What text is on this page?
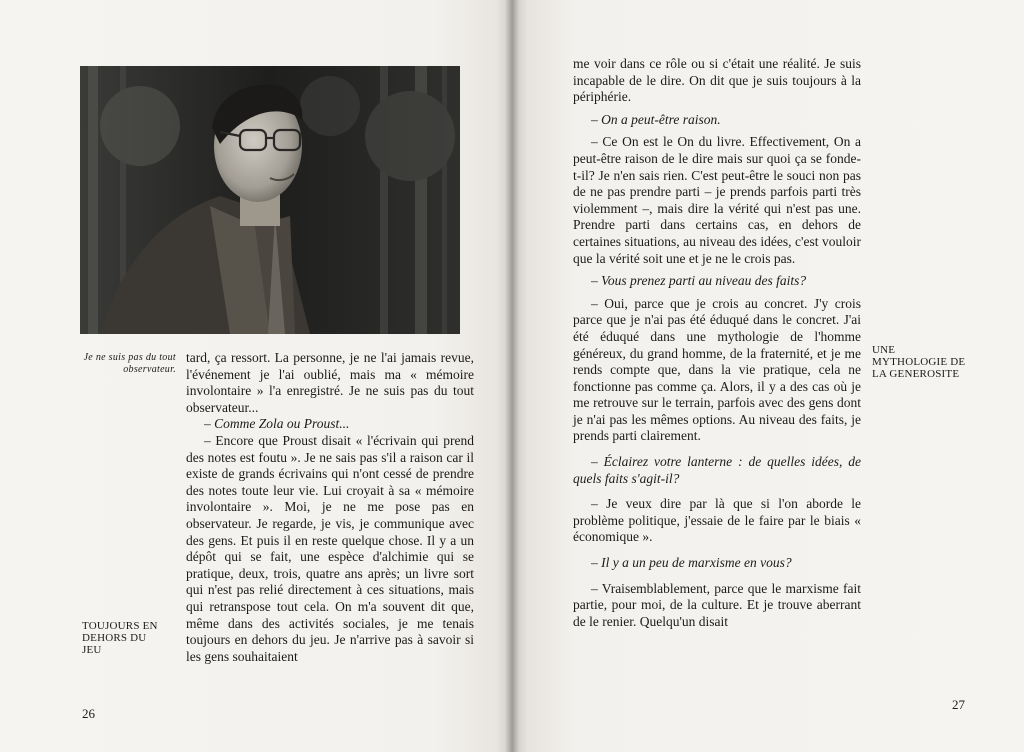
Je ne suis pas du tout observateur.
TOUJOURS EN DEHORS DU JEU

tard, ça ressort. La personne, je ne l'ai jamais revue, l'événement je l'ai oublié, mais ma « mémoire involontaire » l'a enregistré. Je ne suis pas du tout observateur...

– Comme Zola ou Proust...

– Encore que Proust disait « l'écrivain qui prend des notes est foutu ». Je ne sais pas s'il a raison car il existe de grands écrivains qui n'ont cessé de prendre des notes toute leur vie. Lui croyait à sa « mémoire involontaire ». Moi, je ne me pose pas en observateur. Je regarde, je vis, je communique avec des gens. Et puis il en reste quelque chose. Il y a un dépôt qui se fait, une espèce d'alchimie qui se pratique, deux, trois, quatre ans après; un livre sort qui n'est pas relié directement à ces situations, mais qui retranspose tout cela. On m'a souvent dit que, même dans des activités sociales, je me tenais toujours en dehors du jeu. Je n'arrive pas à savoir si les gens souhaitaient

26

me voir dans ce rôle ou si c'était une réalité. Je suis incapable de le dire. On dit que je suis toujours à la périphérie.

– On a peut-être raison.

– Ce On est le On du livre. Effectivement, On a peut-être raison de le dire mais sur quoi ça se fonde-t-il? Je n'en sais rien. C'est peut-être le souci non pas de ne pas prendre parti – je prends parfois parti très violemment –, mais dire la vérité qui n'est pas une. Prendre parti dans certains cas, en dehors de certaines situations, au niveau des idées, c'est vouloir que la vérité soit une et je ne le crois pas.

– Vous prenez parti au niveau des faits?

– Oui, parce que je crois au concret. J'y crois parce que je n'ai pas été éduqué dans le concret. J'ai été éduqué dans une mythologie de l'homme généreux, du grand homme, de la fraternité, et je me rends compte que, dans la vie pratique, cela ne fonctionne pas comme ça. Alors, il y a des cas où je me retrouve sur le terrain, parfois avec des gens dont je n'ai pas les mêmes options. Au niveau des faits, je prends parti clairement.

– Éclairez votre lanterne : de quelles idées, de quels faits s'agit-il?

– Je veux dire par là que si l'on aborde le problème politique, j'essaie de le faire par le biais « économique ».

– Il y a un peu de marxisme en vous?

– Vraisemblablement, parce que le marxisme fait partie, pour moi, de la culture. Et je trouve aberrant de le renier. Quelqu'un disait

UNE MYTHOLOGIE DE LA GENEROSITE
27
